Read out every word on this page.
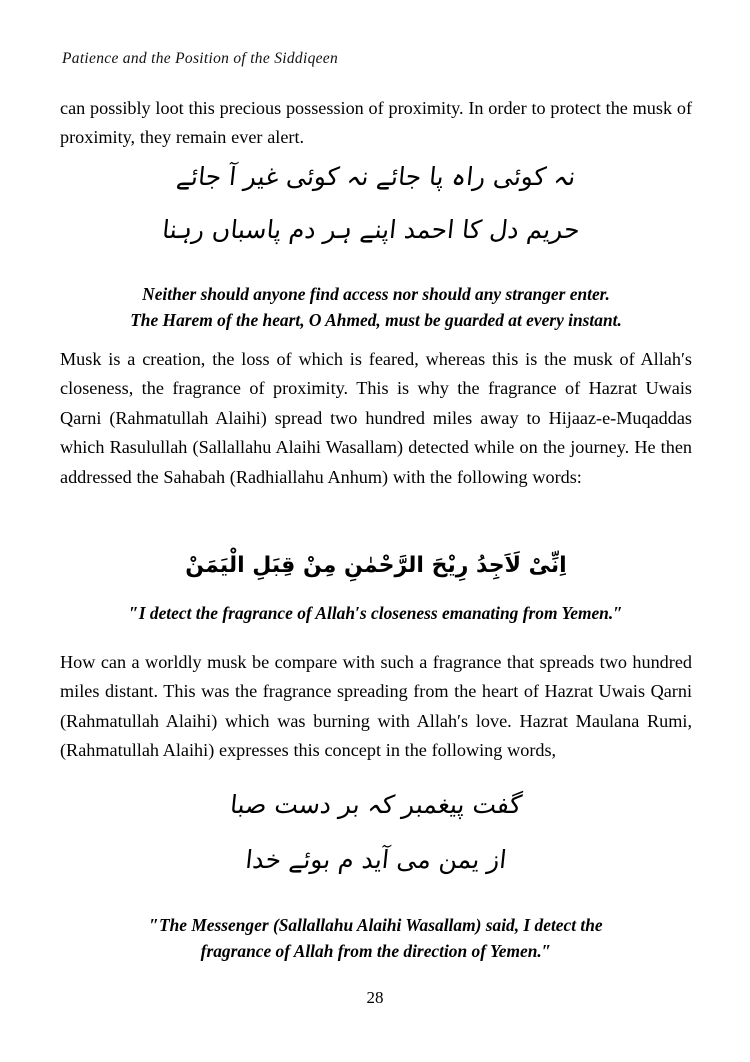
Patience and the Position of the Siddiqeen

can possibly loot this precious possession of proximity. In order to protect the musk of proximity, they remain ever alert.

نہ کوئی راہ پا جائے نہ کوئی غیر آ جائے
حریم دل کا احمد اپنے ہر دم پاسباں رہنا
Neither should anyone find access nor should any stranger enter.
The Harem of the heart, O Ahmed, must be guarded at every instant.

Musk is a creation, the loss of which is feared, whereas this is the musk of Allah′s closeness, the fragrance of proximity. This is why the fragrance of Hazrat Uwais Qarni (Rahmatullah Alaihi) spread two hundred miles away to Hijaaz-e-Muqaddas which Rasulullah (Sallallahu Alaihi Wasallam) detected while on the journey. He then addressed the Sahabah (Radhiallahu Anhum) with the following words:

اِنِّىْ لَاَجِدُ رِيْحَ الرَّحْمٰنِ مِنْ قِبَلِ الْيَمَنْ
″I detect the fragrance of Allah′s closeness emanating from Yemen.″

How can a worldly musk be compare with such a fragrance that spreads two hundred miles distant. This was the fragrance spreading from the heart of Hazrat Uwais Qarni (Rahmatullah Alaihi) which was burning with Allah′s love. Hazrat Maulana Rumi, (Rahmatullah Alaihi) expresses this concept in the following words,

گفت پیغمبر کہ بر دست صبا
از یمن می آید م بوئے خدا
″The Messenger (Sallallahu Alaihi Wasallam) said, I detect the
fragrance of Allah from the direction of Yemen.″
28
